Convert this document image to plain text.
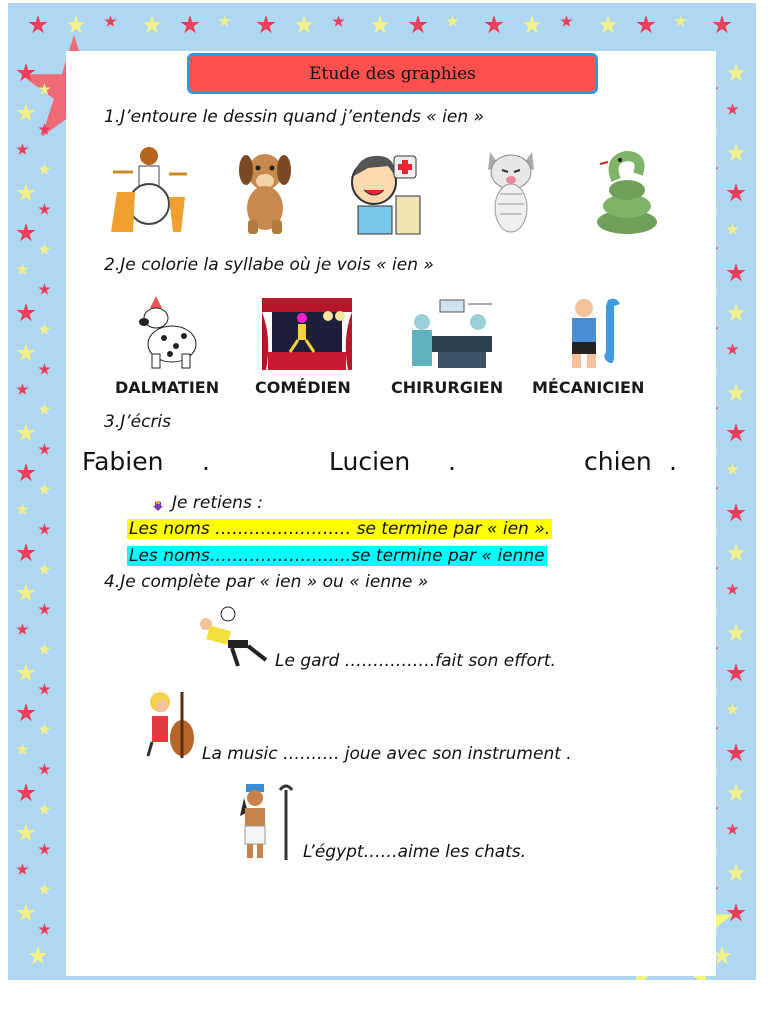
Etude des graphies
1.J’entoure le dessin quand j’entends « ien »
2.Je colorie la syllabe où je vois « ien »
DALMATIEN COMÉDIEN	CHIRURGIEN MÉCANICIEN
3.J’écris
Fabien .	Lucien .	chien .
Je retiens :
Les noms …………………… se termine par « ien ».
Les noms…………………….se termine par « ienne
4.Je complète par « ien » ou « ienne »
Le gard …………….fait son effort.
La music ………. joue avec son instrument .
L’égypt……aime les chats.
